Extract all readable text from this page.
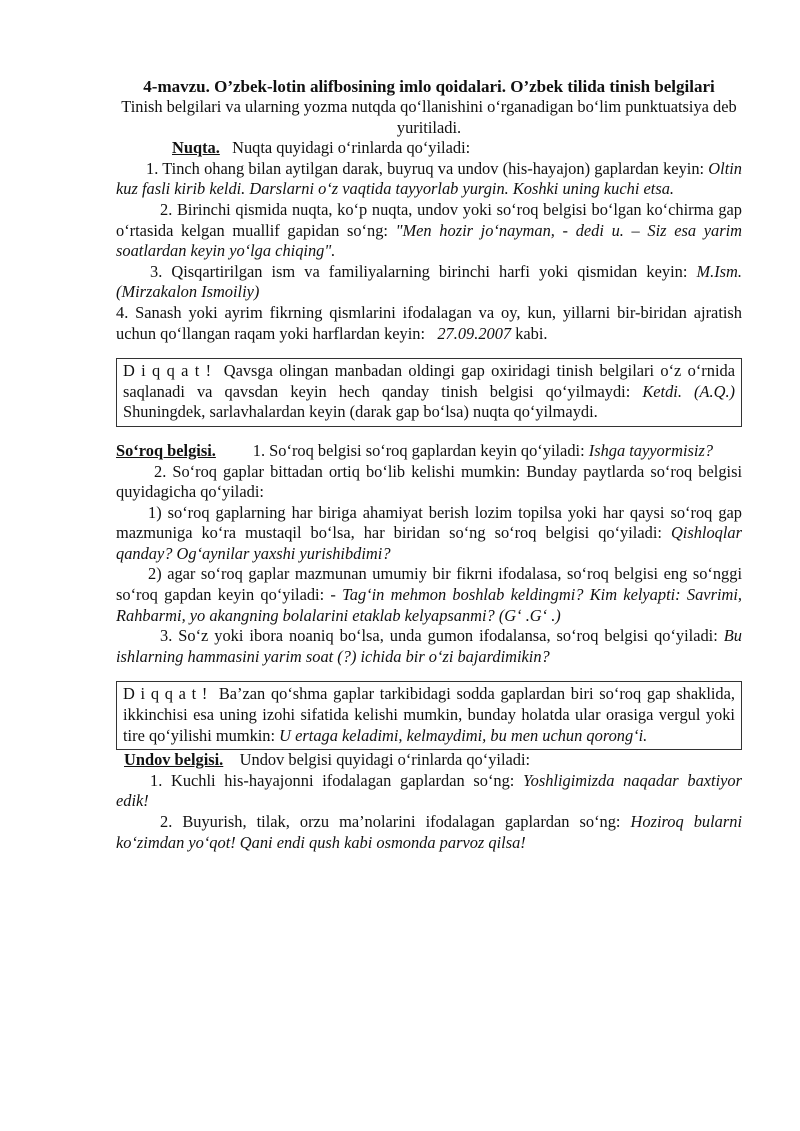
4-mavzu. O’zbek-lotin alifbosining imlo qoidalari. O’zbek tilida tinish belgilari

Tinish belgilari va ularning yozma nutqda qo‘llanishini o‘rganadigan bo‘lim punktuatsiya deb yuritiladi.

Nuqta. Nuqta quyidagi o‘rinlarda qo‘yiladi:

1. Tinch ohang bilan aytilgan darak, buyruq va undov (his-hayajon) gaplardan keyin: Oltin kuz fasli kirib keldi. Darslarni o‘z vaqtida tayyorlab yurgin. Koshki uning kuchi etsa.

2. Birinchi qismida nuqta, ko‘p nuqta, undov yoki so‘roq belgisi bo‘lgan ko‘chirma gap o‘rtasida kelgan muallif gapidan so‘ng: "Men hozir jo‘nayman, - dedi u. – Siz esa yarim soatlardan keyin yo‘lga chiqing".

3. Qisqartirilgan ism va familiyalarning birinchi harfi yoki qismidan keyin: M.Ism. (Mirzakalon Ismoiliy)

4. Sanash yoki ayrim fikrning qismlarini ifodalagan va oy, kun, yillarni bir-biridan ajratish uchun qo‘llangan raqam yoki harflardan keyin:   27.09.2007 kabi.

D i q q a t ! Qavsga olingan manbadan oldingi gap oxiridagi tinish belgilari o‘z o‘rnida saqlanadi va qavsdan keyin hech qanday tinish belgisi qo‘yilmaydi: Ketdi. (A.Q.) Shuningdek, sarlavhalardan keyin (darak gap bo‘lsa) nuqta qo‘yilmaydi.

So‘roq belgisi. 1. So‘roq belgisi so‘roq gaplardan keyin qo‘yiladi: Ishga tayyormisiz?

2. So‘roq gaplar bittadan ortiq bo‘lib kelishi mumkin: Bunday paytlarda so‘roq belgisi quyidagicha qo‘yiladi:

1) so‘roq gaplarning har biriga ahamiyat berish lozim topilsa yoki har qaysi so‘roq gap mazmuniga ko‘ra mustaqil bo‘lsa, har biridan so‘ng so‘roq belgisi qo‘yiladi: Qishloqlar qanday? Og‘aynilar yaxshi yurishibdimi?

2) agar so‘roq gaplar mazmunan umumiy bir fikrni ifodalasa, so‘roq belgisi eng so‘nggi so‘roq gapdan keyin qo‘yiladi: - Tag‘in mehmon boshlab keldingmi? Kim kelyapti: Savrimi, Rahbarmi, yo akangning bolalarini etaklab kelyapsanmi? (G‘ .G‘ .)

3. So‘z yoki ibora noaniq bo‘lsa, unda gumon ifodalansa, so‘roq belgisi qo‘yiladi: Bu ishlarning hammasini yarim soat (?) ichida bir o‘zi bajardimikin?

D i q q a t ! Ba’zan qo‘shma gaplar tarkibidagi sodda gaplardan biri so‘roq gap shaklida, ikkinchisi esa uning izohi sifatida kelishi mumkin, bunday holatda ular orasiga vergul yoki tire qo‘yilishi mumkin: U ertaga keladimi, kelmaydimi, bu men uchun qorong‘i.

Undov belgisi. Undov belgisi quyidagi o‘rinlarda qo‘yiladi:

1. Kuchli his-hayajonni ifodalagan gaplardan so‘ng: Yoshligimizda naqadar baxtiyor edik!

2. Buyurish, tilak, orzu ma’nolarini ifodalagan gaplardan so‘ng: Hoziroq bularni ko‘zimdan yo‘qot! Qani endi qush kabi osmonda parvoz qilsa!
